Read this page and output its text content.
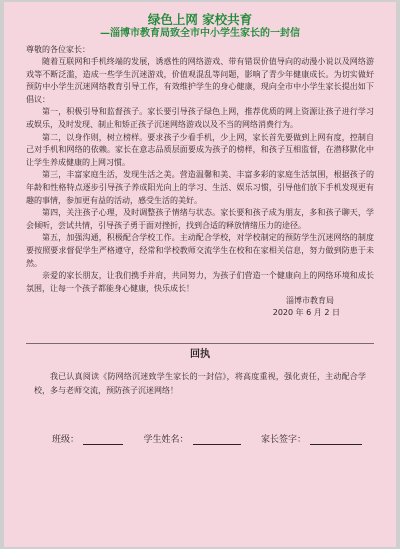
绿色上网 家校共育
—淄博市教育局致全市中小学生家长的一封信
尊敬的各位家长：

随着互联网和手机终端的发展，诱惑性的网络游戏、带有错误价值导向的动漫小说以及网络游戏等不断泛滥，造成一些学生沉迷游戏，价值观混乱等问题，影响了青少年健康成长。为切实做好预防中小学生沉迷网络教育引导工作，有效维护学生的身心健康，现向全市中小学生家长提出如下倡议：

第一，积极引导和监督孩子。家长要引导孩子绿色上网，推荐优质的网上资源让孩子进行学习或娱乐，及时发现、制止和矫正孩子沉迷网络游戏以及不当的网络消费行为。

第二，以身作则，树立榜样。要求孩子少看手机，少上网，家长首先要做到上网有度，控制自己对手机和网络的依赖。家长在意志品质层面要成为孩子的榜样，和孩子互相监督，在潜移默化中让学生养成健康的上网习惯。

第三，丰富家庭生活，发现生活之美。营造温馨和美、丰富多彩的家庭生活氛围，根据孩子的年龄和性格特点逐步引导孩子养成阳光向上的学习、生活、娱乐习惯，引导他们放下手机发现更有趣的事情，参加更有益的活动，感受生活的美好。

第四，关注孩子心理，及时调整孩子情绪与状态。家长要和孩子成为朋友，多和孩子聊天，学会倾听，尝试共情，引导孩子勇于面对挫折，找到合适的释放情绪压力的途径。

第五，加强沟通，积极配合学校工作。主动配合学校，对学校制定的预防学生沉迷网络的制度要按照要求督促学生严格遵守，经常和学校教师交流学生在校和在家相关信息，努力做到防患于未然。

亲爱的家长朋友，让我们携手并肩，共同努力，为孩子们营造一个健康向上的网络环境和成长氛围，让每一个孩子都能身心健康，快乐成长！

淄博市教育局
2020 年 6 月 2 日
回执

我已认真阅读《防网络沉迷致学生家长的一封信》，将高度重视，强化责任，主动配合学校，多与老师交流，预防孩子沉迷网络！

班级：	学生姓名：	家长签字：
